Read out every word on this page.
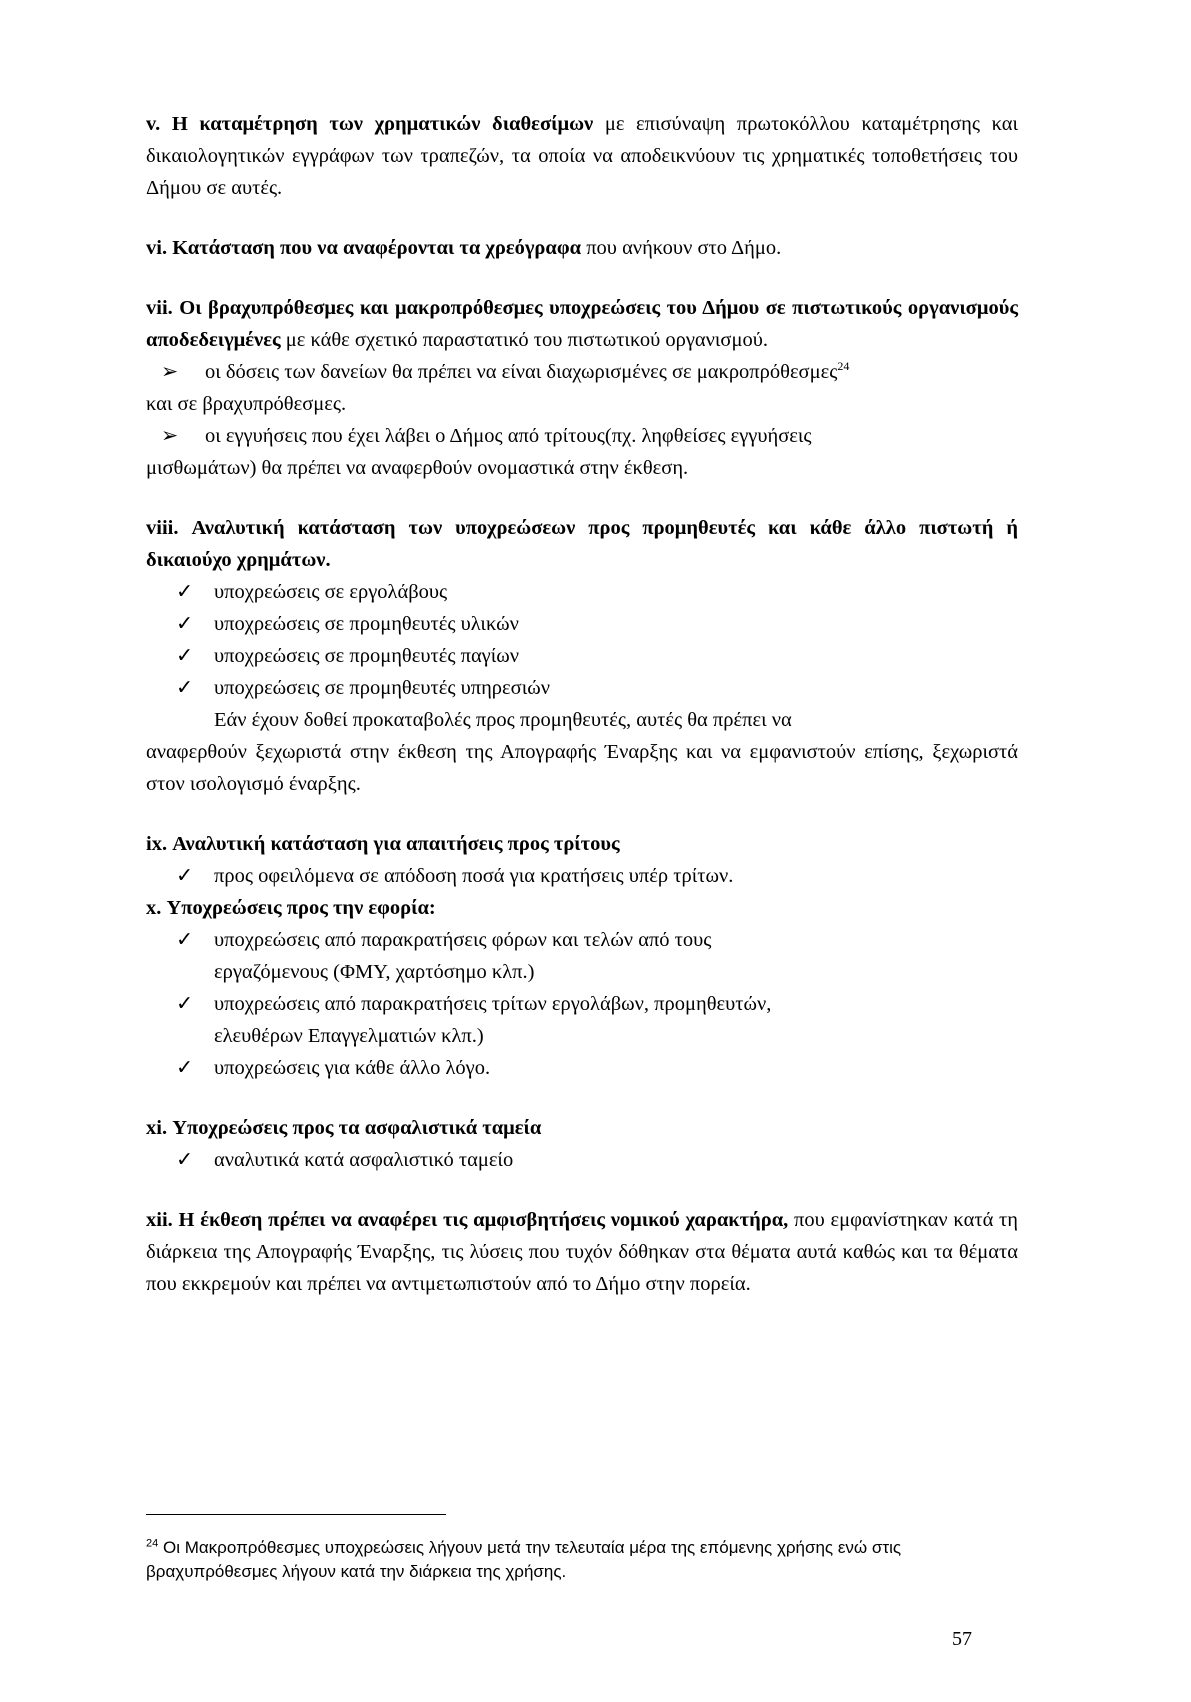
v. Η καταμέτρηση των χρηματικών διαθεσίμων με επισύναψη πρωτοκόλλου καταμέτρησης και δικαιολογητικών εγγράφων των τραπεζών, τα οποία να αποδεικνύουν τις χρηματικές τοποθετήσεις του Δήμου σε αυτές.

vi. Κατάσταση που να αναφέρονται τα χρεόγραφα που ανήκουν στο Δήμο.

vii. Οι βραχυπρόθεσμες και μακροπρόθεσμες υποχρεώσεις του Δήμου σε πιστωτικούς οργανισμούς αποδεδειγμένες με κάθε σχετικό παραστατικό του πιστωτικού οργανισμού.

➢	οι δόσεις των δανείων θα πρέπει να είναι διαχωρισμένες σε μακροπρόθεσμες$^{24}$
και σε βραχυπρόθεσμες.
➢	οι εγγυήσεις που έχει λάβει ο Δήμος από τρίτους(πχ. ληφθείσες εγγυήσεις
μισθωμάτων) θα πρέπει να αναφερθούν ονομαστικά στην έκθεση.

viii. Αναλυτική κατάσταση των υποχρεώσεων προς προμηθευτές και κάθε άλλο πιστωτή ή δικαιούχο χρημάτων.

✓	υποχρεώσεις σε εργολάβους
✓	υποχρεώσεις σε προμηθευτές υλικών
✓	υποχρεώσεις σε προμηθευτές παγίων
✓	υποχρεώσεις σε προμηθευτές υπηρεσιών

Εάν έχουν δοθεί προκαταβολές προς προμηθευτές, αυτές θα πρέπει να
αναφερθούν ξεχωριστά στην έκθεση της Απογραφής Έναρξης και να εμφανιστούν επίσης, ξεχωριστά στον ισολογισμό έναρξης.

ix. Αναλυτική κατάσταση για απαιτήσεις προς τρίτους

✓	προς οφειλόμενα σε απόδοση ποσά για κρατήσεις υπέρ τρίτων.

x. Υποχρεώσεις προς την εφορία:

✓	υποχρεώσεις από παρακρατήσεις φόρων και τελών από τους
εργαζόμενους (ΦΜΥ, χαρτόσημο κλπ.)
✓	υποχρεώσεις από παρακρατήσεις τρίτων εργολάβων, προμηθευτών,
ελευθέρων Επαγγελματιών κλπ.)
✓	υποχρεώσεις για κάθε άλλο λόγο.

xi. Υποχρεώσεις προς τα ασφαλιστικά ταμεία

✓	αναλυτικά κατά ασφαλιστικό ταμείο

xii. Η έκθεση πρέπει να αναφέρει τις αμφισβητήσεις νομικού χαρακτήρα, που εμφανίστηκαν κατά τη διάρκεια της Απογραφής Έναρξης, τις λύσεις που τυχόν δόθηκαν στα θέματα αυτά καθώς και τα θέματα που εκκρεμούν και πρέπει να αντιμετωπιστούν από το Δήμο στην πορεία.

$^{24}$ Οι Μακροπρόθεσμες υποχρεώσεις λήγουν μετά την τελευταία μέρα της επόμενης χρήσης ενώ στις βραχυπρόθεσμες λήγουν κατά την διάρκεια της χρήσης.
57
